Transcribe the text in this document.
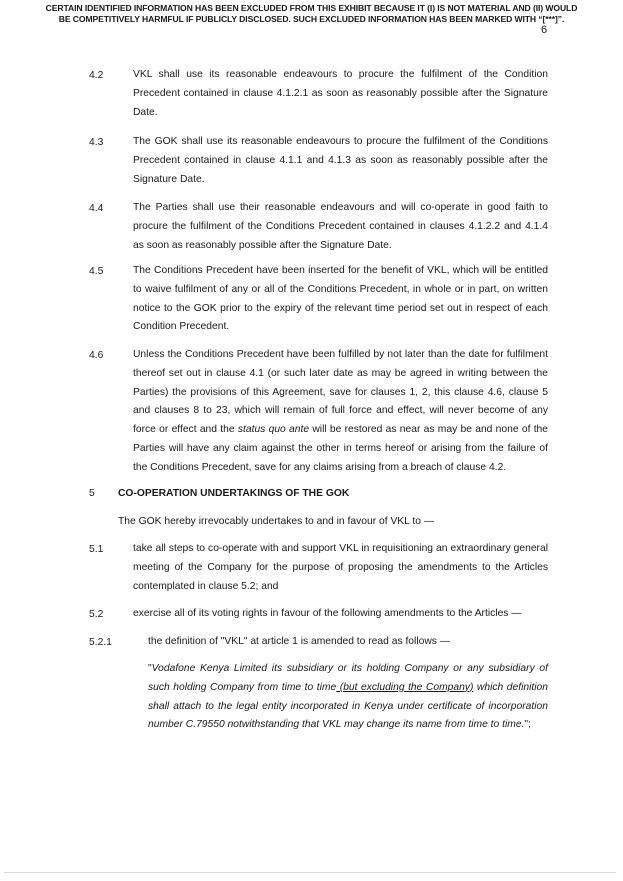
CERTAIN IDENTIFIED INFORMATION HAS BEEN EXCLUDED FROM THIS EXHIBIT BECAUSE IT (I) IS NOT MATERIAL AND (II) WOULD
BE COMPETITIVELY HARMFUL IF PUBLICLY DISCLOSED. SUCH EXCLUDED INFORMATION HAS BEEN MARKED WITH “[***]”.
6
4.2	VKL shall use its reasonable endeavours to procure the fulfilment of the Condition Precedent contained in clause 4.1.2.1 as soon as reasonably possible after the Signature Date.
4.3	The GOK shall use its reasonable endeavours to procure the fulfilment of the Conditions Precedent contained in clause 4.1.1 and 4.1.3 as soon as reasonably possible after the Signature Date.
4.4	The Parties shall use their reasonable endeavours and will co-operate in good faith to procure the fulfilment of the Conditions Precedent contained in clauses 4.1.2.2 and 4.1.4 as soon as reasonably possible after the Signature Date.
4.5	The Conditions Precedent have been inserted for the benefit of VKL, which will be entitled to waive fulfilment of any or all of the Conditions Precedent, in whole or in part, on written notice to the GOK prior to the expiry of the relevant time period set out in respect of each Condition Precedent.
4.6	Unless the Conditions Precedent have been fulfilled by not later than the date for fulfilment thereof set out in clause 4.1 (or such later date as may be agreed in writing between the Parties) the provisions of this Agreement, save for clauses 1, 2, this clause 4.6, clause 5 and clauses 8 to 23, which will remain of full force and effect, will never become of any force or effect and the status quo ante will be restored as near as may be and none of the Parties will have any claim against the other in terms hereof or arising from the failure of the Conditions Precedent, save for any claims arising from a breach of clause 4.2.
5 CO-OPERATION UNDERTAKINGS OF THE GOK
The GOK hereby irrevocably undertakes to and in favour of VKL to —
5.1	take all steps to co-operate with and support VKL in requisitioning an extraordinary general meeting of the Company for the purpose of proposing the amendments to the Articles contemplated in clause 5.2; and
5.2	exercise all of its voting rights in favour of the following amendments to the Articles —
5.2.1	the definition of "VKL" at article 1 is amended to read as follows —
"Vodafone Kenya Limited its subsidiary or its holding Company or any subsidiary of such holding Company from time to time (but excluding the Company) which definition shall attach to the legal entity incorporated in Kenya under certificate of incorporation number C.79550 notwithstanding that VKL may change its name from time to time.";
